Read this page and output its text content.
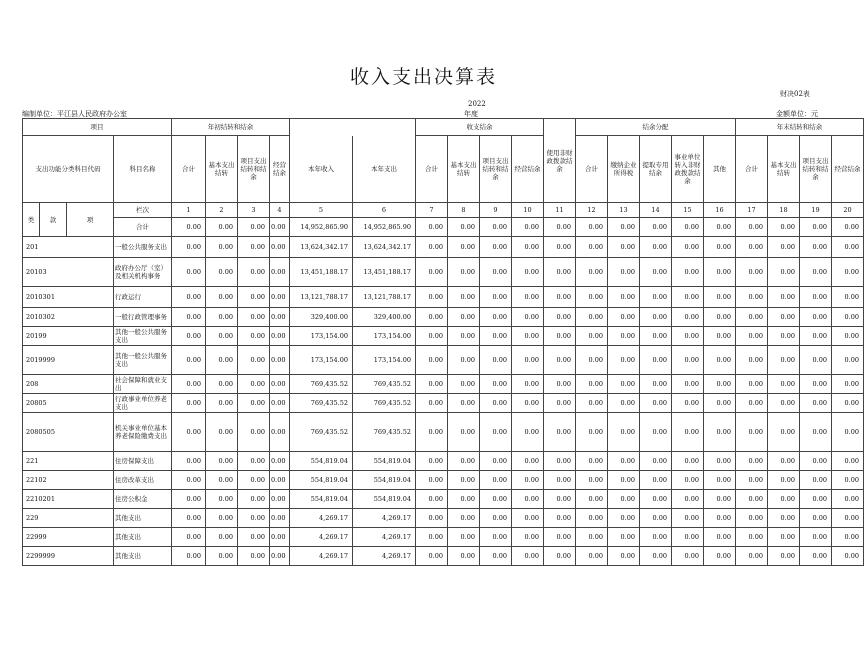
收入支出决算表
财决02表
2022
编制单位：平江县人民政府办公室	年度	金额单位：元
项目				年初结转和结余						收支结余				使用非财政拨款结余	结余分配					年末结转和结余			
支出功能分类科目代码			科目名称	合计	基本支出结转	项目支出结转和结余	经营结余	本年收入	本年支出	合计	基本支出结转	项目支出结转和结余	经营结余		合计	缴纳企业所得税	提取专用结余	事业单位转入非财政拨款结余	其他	合计	基本支出结转	项目支出结转和结余	经营结余
类	款	项	栏次	1	2	3	4	5	6	7	8	9	10	11	12	13	14	15	16	17	18	19	20
			合计	0.00	0.00	0.00	0.00	14,952,865.90	14,952,865.90	0.00	0.00	0.00	0.00	0.00	0.00	0.00	0.00	0.00	0.00	0.00	0.00	0.00	0.00
201			一般公共服务支出	0.00	0.00	0.00	0.00	13,624,342.17	13,624,342.17	0.00	0.00	0.00	0.00	0.00	0.00	0.00	0.00	0.00	0.00	0.00	0.00	0.00	0.00
20103			政府办公厅（室）及相关机构事务	0.00	0.00	0.00	0.00	13,451,188.17	13,451,188.17	0.00	0.00	0.00	0.00	0.00	0.00	0.00	0.00	0.00	0.00	0.00	0.00	0.00	0.00
2010301			行政运行	0.00	0.00	0.00	0.00	13,121,788.17	13,121,788.17	0.00	0.00	0.00	0.00	0.00	0.00	0.00	0.00	0.00	0.00	0.00	0.00	0.00	0.00
2010302			一般行政管理事务	0.00	0.00	0.00	0.00	329,400.00	329,400.00	0.00	0.00	0.00	0.00	0.00	0.00	0.00	0.00	0.00	0.00	0.00	0.00	0.00	0.00
20199			其他一般公共服务支出	0.00	0.00	0.00	0.00	173,154.00	173,154.00	0.00	0.00	0.00	0.00	0.00	0.00	0.00	0.00	0.00	0.00	0.00	0.00	0.00	0.00
2019999			其他一般公共服务支出	0.00	0.00	0.00	0.00	173,154.00	173,154.00	0.00	0.00	0.00	0.00	0.00	0.00	0.00	0.00	0.00	0.00	0.00	0.00	0.00	0.00
208			社会保障和就业支出	0.00	0.00	0.00	0.00	769,435.52	769,435.52	0.00	0.00	0.00	0.00	0.00	0.00	0.00	0.00	0.00	0.00	0.00	0.00	0.00	0.00
20805			行政事业单位养老支出	0.00	0.00	0.00	0.00	769,435.52	769,435.52	0.00	0.00	0.00	0.00	0.00	0.00	0.00	0.00	0.00	0.00	0.00	0.00	0.00	0.00
2080505			机关事业单位基本养老保险缴费支出	0.00	0.00	0.00	0.00	769,435.52	769,435.52	0.00	0.00	0.00	0.00	0.00	0.00	0.00	0.00	0.00	0.00	0.00	0.00	0.00	0.00
221			住房保障支出	0.00	0.00	0.00	0.00	554,819.04	554,819.04	0.00	0.00	0.00	0.00	0.00	0.00	0.00	0.00	0.00	0.00	0.00	0.00	0.00	0.00
22102			住房改革支出	0.00	0.00	0.00	0.00	554,819.04	554,819.04	0.00	0.00	0.00	0.00	0.00	0.00	0.00	0.00	0.00	0.00	0.00	0.00	0.00	0.00
2210201			住房公积金	0.00	0.00	0.00	0.00	554,819.04	554,819.04	0.00	0.00	0.00	0.00	0.00	0.00	0.00	0.00	0.00	0.00	0.00	0.00	0.00	0.00
229			其他支出	0.00	0.00	0.00	0.00	4,269.17	4,269.17	0.00	0.00	0.00	0.00	0.00	0.00	0.00	0.00	0.00	0.00	0.00	0.00	0.00	0.00
22999			其他支出	0.00	0.00	0.00	0.00	4,269.17	4,269.17	0.00	0.00	0.00	0.00	0.00	0.00	0.00	0.00	0.00	0.00	0.00	0.00	0.00	0.00
2299999			其他支出	0.00	0.00	0.00	0.00	4,269.17	4,269.17	0.00	0.00	0.00	0.00	0.00	0.00	0.00	0.00	0.00	0.00	0.00	0.00	0.00	0.00
